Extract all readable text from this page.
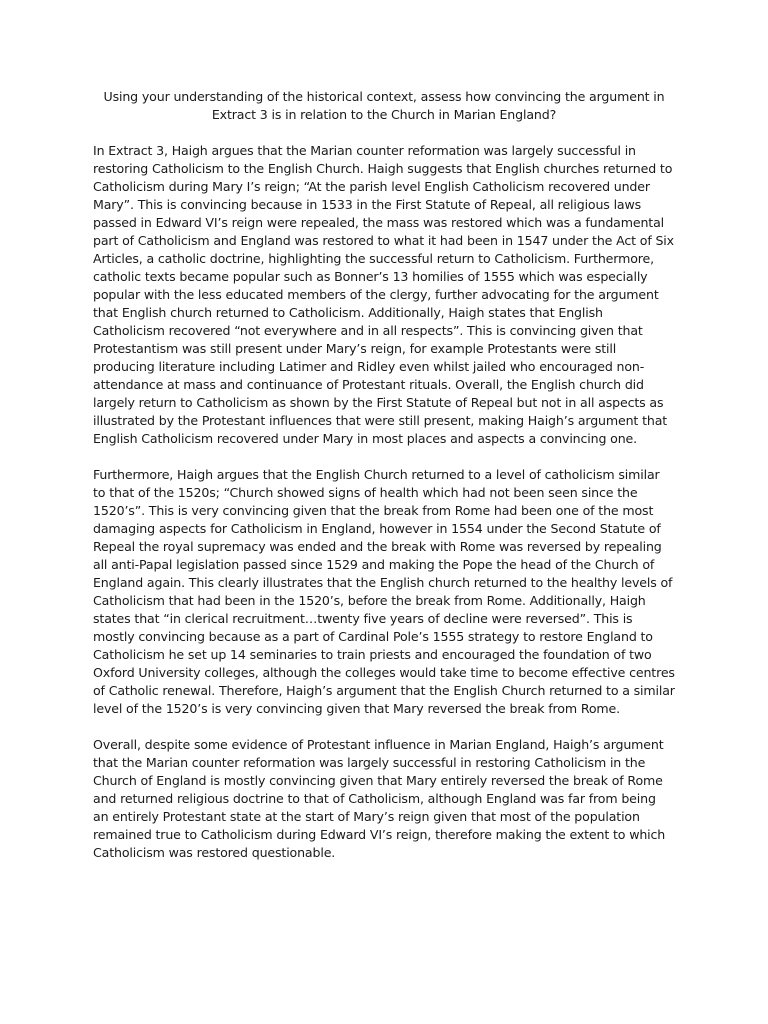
Using your understanding of the historical context, assess how convincing the argument in Extract 3 is in relation to the Church in Marian England?

In Extract 3, Haigh argues that the Marian counter reformation was largely successful in restoring Catholicism to the English Church. Haigh suggests that English churches returned to Catholicism during Mary I’s reign; “At the parish level English Catholicism recovered under Mary”. This is convincing because in 1533 in the First Statute of Repeal, all religious laws passed in Edward VI’s reign were repealed, the mass was restored which was a fundamental part of Catholicism and England was restored to what it had been in 1547 under the Act of Six Articles, a catholic doctrine, highlighting the successful return to Catholicism. Furthermore, catholic texts became popular such as Bonner’s 13 homilies of 1555 which was especially popular with the less educated members of the clergy, further advocating for the argument that English church returned to Catholicism. Additionally, Haigh states that English Catholicism recovered “not everywhere and in all respects”. This is convincing given that Protestantism was still present under Mary’s reign, for example Protestants were still producing literature including Latimer and Ridley even whilst jailed who encouraged non-attendance at mass and continuance of Protestant rituals. Overall, the English church did largely return to Catholicism as shown by the First Statute of Repeal but not in all aspects as illustrated by the Protestant influences that were still present, making Haigh’s argument that English Catholicism recovered under Mary in most places and aspects a convincing one.

Furthermore, Haigh argues that the English Church returned to a level of catholicism similar to that of the 1520s; “Church showed signs of health which had not been seen since the 1520’s”. This is very convincing given that the break from Rome had been one of the most damaging aspects for Catholicism in England, however in 1554 under the Second Statute of Repeal the royal supremacy was ended and the break with Rome was reversed by repealing all anti-Papal legislation passed since 1529 and making the Pope the head of the Church of England again. This clearly illustrates that the English church returned to the healthy levels of Catholicism that had been in the 1520’s, before the break from Rome. Additionally, Haigh states that “in clerical recruitment…twenty five years of decline were reversed”. This is mostly convincing because as a part of Cardinal Pole’s 1555 strategy to restore England to Catholicism he set up 14 seminaries to train priests and encouraged the foundation of two Oxford University colleges, although the colleges would take time to become effective centres of Catholic renewal. Therefore, Haigh’s argument that the English Church returned to a similar level of the 1520’s is very convincing given that Mary reversed the break from Rome.

Overall, despite some evidence of Protestant influence in Marian England, Haigh’s argument that the Marian counter reformation was largely successful in restoring Catholicism in the Church of England is mostly convincing given that Mary entirely reversed the break of Rome and returned religious doctrine to that of Catholicism, although England was far from being an entirely Protestant state at the start of Mary’s reign given that most of the population remained true to Catholicism during Edward VI’s reign, therefore making the extent to which Catholicism was restored questionable.
